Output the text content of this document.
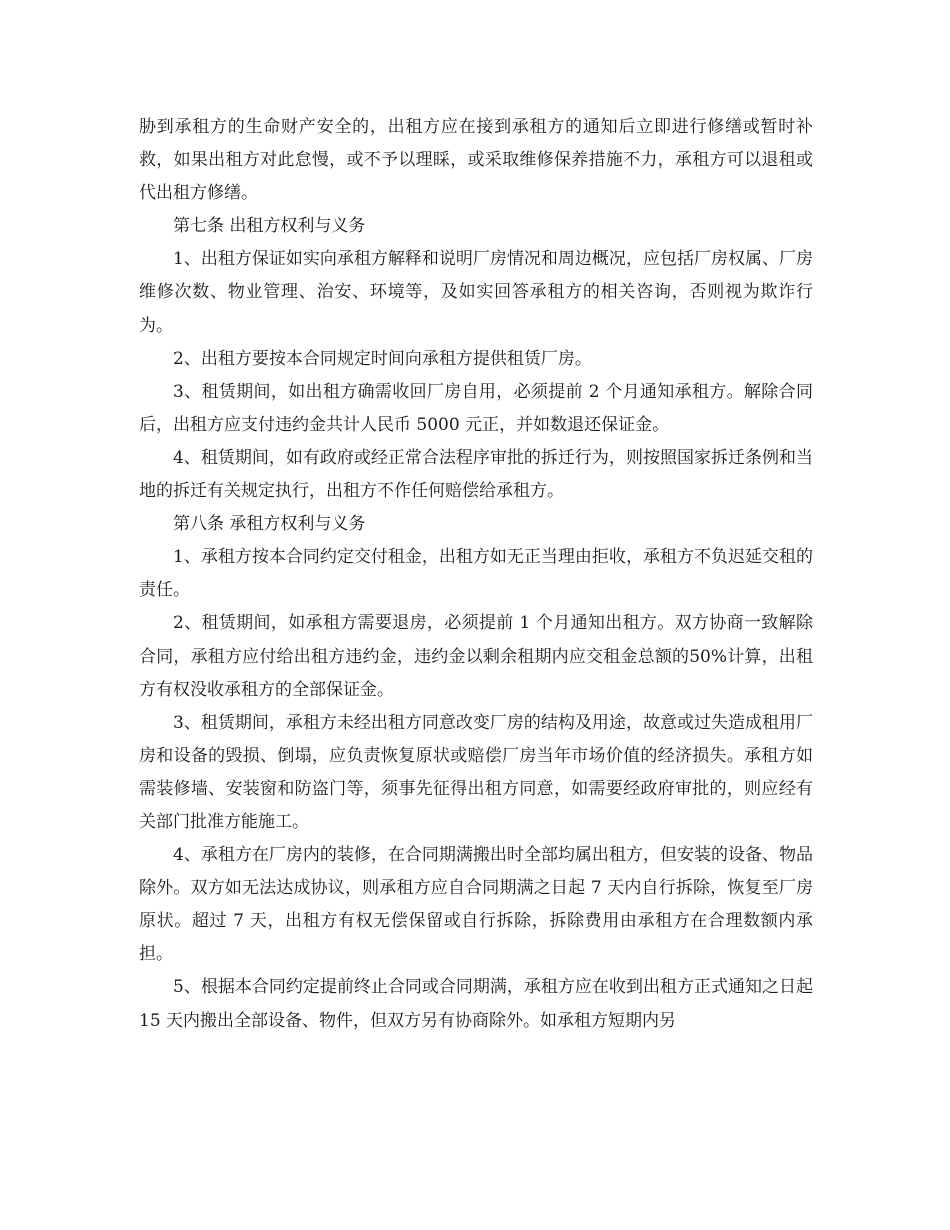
胁到承租方的生命财产安全的，出租方应在接到承租方的通知后立即进行修缮或暂时补救，如果出租方对此怠慢，或不予以理睬，或采取维修保养措施不力，承租方可以退租或代出租方修缮。

第七条 出租方权利与义务

1、出租方保证如实向承租方解释和说明厂房情况和周边概况，应包括厂房权属、厂房维修次数、物业管理、治安、环境等，及如实回答承租方的相关咨询，否则视为欺诈行为。

2、出租方要按本合同规定时间向承租方提供租赁厂房。

3、租赁期间，如出租方确需收回厂房自用，必须提前 2 个月通知承租方。解除合同后，出租方应支付违约金共计人民币 5000 元正，并如数退还保证金。

4、租赁期间，如有政府或经正常合法程序审批的拆迁行为，则按照国家拆迁条例和当地的拆迁有关规定执行，出租方不作任何赔偿给承租方。

第八条 承租方权利与义务

1、承租方按本合同约定交付租金，出租方如无正当理由拒收，承租方不负迟延交租的责任。

2、租赁期间，如承租方需要退房，必须提前 1 个月通知出租方。双方协商一致解除合同，承租方应付给出租方违约金，违约金以剩余租期内应交租金总额的50%计算，出租方有权没收承租方的全部保证金。

3、租赁期间，承租方未经出租方同意改变厂房的结构及用途，故意或过失造成租用厂房和设备的毁损、倒塌，应负责恢复原状或赔偿厂房当年市场价值的经济损失。承租方如需装修墙、安装窗和防盗门等，须事先征得出租方同意，如需要经政府审批的，则应经有关部门批准方能施工。

4、承租方在厂房内的装修，在合同期满搬出时全部均属出租方，但安装的设备、物品除外。双方如无法达成协议，则承租方应自合同期满之日起 7 天内自行拆除，恢复至厂房原状。超过 7 天，出租方有权无偿保留或自行拆除，拆除费用由承租方在合理数额内承担。

5、根据本合同约定提前终止合同或合同期满，承租方应在收到出租方正式通知之日起 15 天内搬出全部设备、物件，但双方另有协商除外。如承租方短期内另
